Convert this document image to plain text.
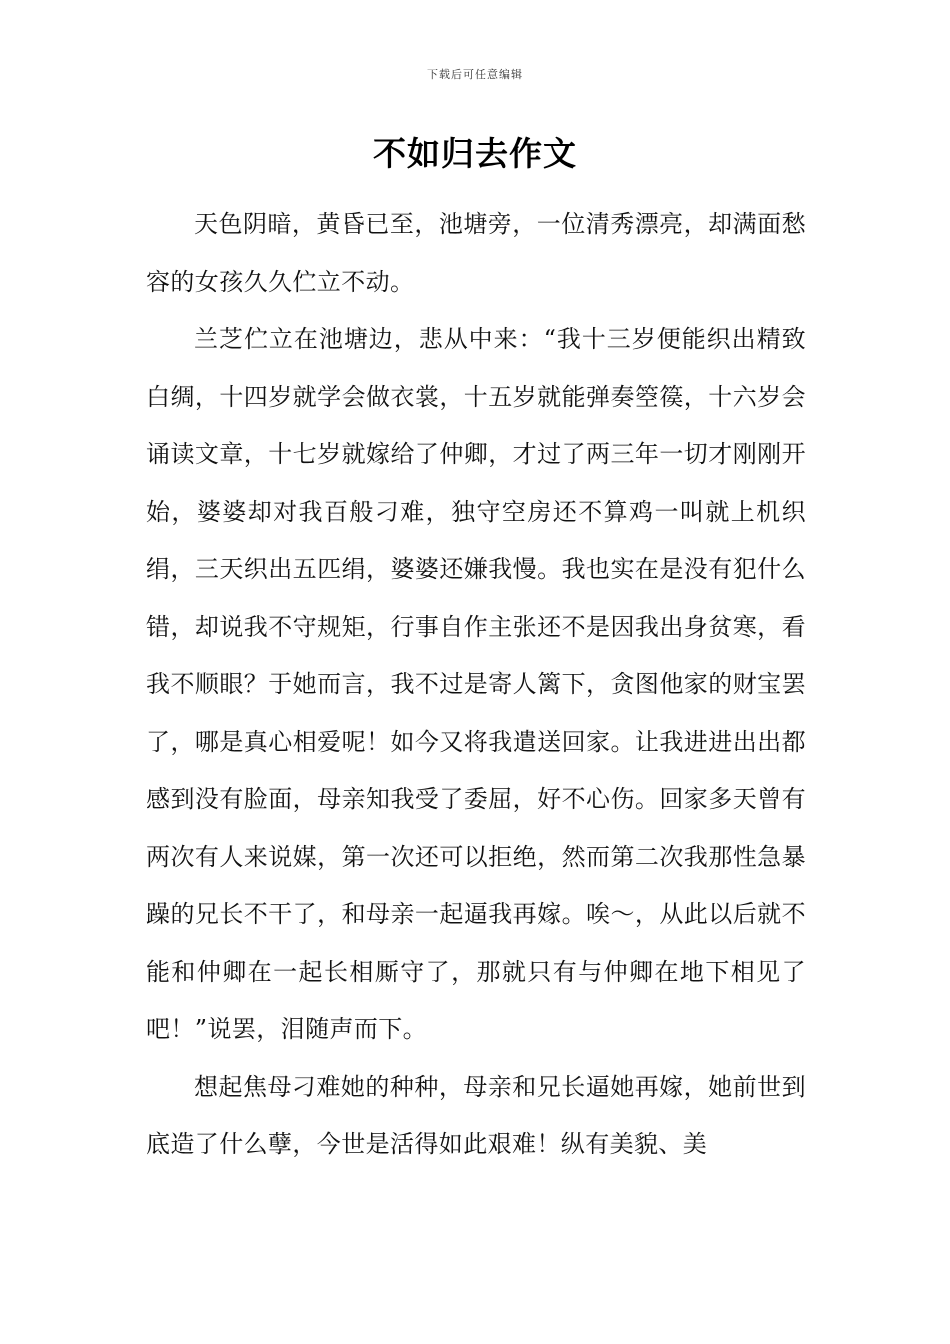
下载后可任意编辑
不如归去作文

天色阴暗，黄昏已至，池塘旁，一位清秀漂亮，却满面愁容的女孩久久伫立不动。

兰芝伫立在池塘边，悲从中来：“我十三岁便能织出精致白绸，十四岁就学会做衣裳，十五岁就能弹奏箜篌，十六岁会诵读文章，十七岁就嫁给了仲卿，才过了两三年一切才刚刚开始，婆婆却对我百般刁难，独守空房还不算鸡一叫就上机织绢，三天织出五匹绢，婆婆还嫌我慢。我也实在是没有犯什么错，却说我不守规矩，行事自作主张还不是因我出身贫寒，看我不顺眼？于她而言，我不过是寄人篱下，贪图他家的财宝罢了，哪是真心相爱呢！如今又将我遣送回家。让我进进出出都感到没有脸面，母亲知我受了委屈，好不心伤。回家多天曾有两次有人来说媒，第一次还可以拒绝，然而第二次我那性急暴躁的兄长不干了，和母亲一起逼我再嫁。唉～，从此以后就不能和仲卿在一起长相厮守了，那就只有与仲卿在地下相见了吧！”说罢，泪随声而下。

想起焦母刁难她的种种，母亲和兄长逼她再嫁，她前世到底造了什么孽，今世是活得如此艰难！纵有美貌、美
